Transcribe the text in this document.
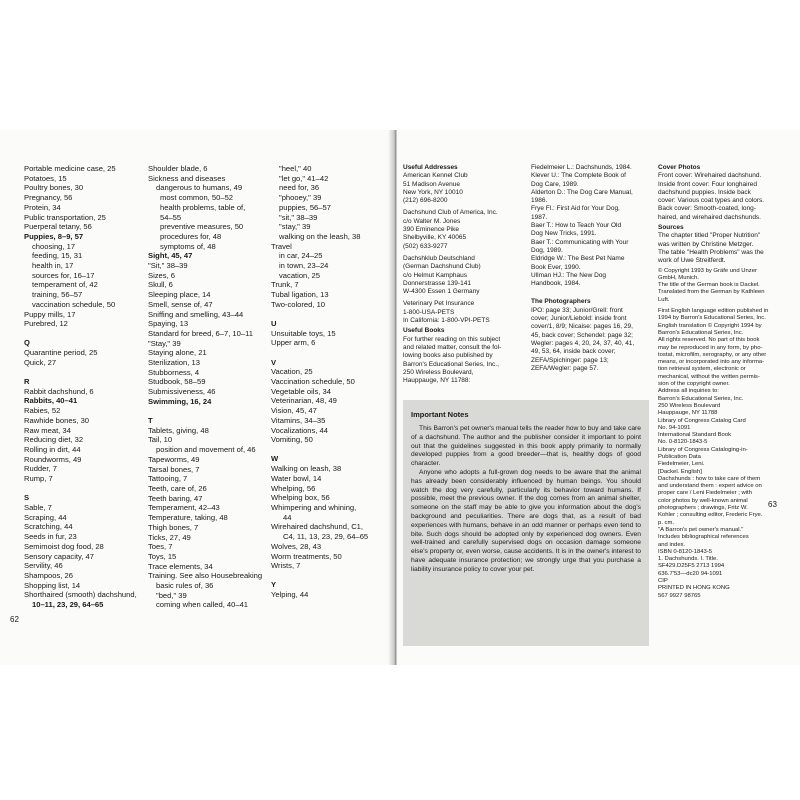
Portable medicine case, 25
Potatoes, 15
Poultry bones, 30
Pregnancy, 56
Protein, 34
Public transportation, 25
Puerperal tetany, 56
Puppies, 8–9, 57
choosing, 17
feeding, 15, 31
health in, 17
sources for, 16–17
temperament of, 42
training, 56–57
vaccination schedule, 50
Puppy mills, 17
Purebred, 12
Q
Quarantine period, 25
Quick, 27
R
Rabbit dachshund, 6
Rabbits, 40–41
Rabies, 52
Rawhide bones, 30
Raw meat, 34
Reducing diet, 32
Rolling in dirt, 44
Roundworms, 49
Rudder, 7
Rump, 7
S
Sable, 7
Scraping, 44
Scratching, 44
Seeds in fur, 23
Semimoist dog food, 28
Sensory capacity, 47
Servility, 46
Shampoos, 26
Shopping list, 14
Shorthaired (smooth) dachshund,
10–11, 23, 29, 64–65
Shoulder blade, 6
Sickness and diseases
dangerous to humans, 49
most common, 50–52
health problems, table of,
54–55
preventive measures, 50
procedures for, 48
symptoms of, 48
Sight, 45, 47
"Sit," 38–39
Sizes, 6
Skull, 6
Sleeping place, 14
Smell, sense of, 47
Sniffing and smelling, 43–44
Spaying, 13
Standard for breed, 6–7, 10–11
"Stay," 39
Staying alone, 21
Sterilization, 13
Stubborness, 4
Studbook, 58–59
Submissiveness, 46
Swimming, 16, 24
T
Tablets, giving, 48
Tail, 10
position and movement of, 46
Tapeworms, 49
Tarsal bones, 7
Tattooing, 7
Teeth, care of, 26
Teeth baring, 47
Temperament, 42–43
Temperature, taking, 48
Thigh bones, 7
Ticks, 27, 49
Toes, 7
Toys, 15
Trace elements, 34
Training. See also Housebreaking
basic rules of, 36
"bed," 39
coming when called, 40–41
"heel," 40
"let go," 41–42
need for, 36
"phooey," 39
puppies, 56–57
"sit," 38–39
"stay," 39
walking on the leash, 38
Travel
in car, 24–25
in town, 23–24
vacation, 25
Trunk, 7
Tubal ligation, 13
Two-colored, 10
U
Unsuitable toys, 15
Upper arm, 6
V
Vacation, 25
Vaccination schedule, 50
Vegetable oils, 34
Veterinarian, 48, 49
Vision, 45, 47
Vitamins, 34–35
Vocalizations, 44
Vomiting, 50
W
Walking on leash, 38
Water bowl, 14
Whelping, 56
Whelping box, 56
Whimpering and whining,
44
Wirehaired dachshund, C1,
C4, 11, 13, 23, 29, 64–65
Wolves, 28, 43
Worm treatments, 50
Wrists, 7
Y
Yelping, 44
62
63
Useful Addresses
American Kennel Club
51 Madison Avenue
New York, NY 10010
(212) 696-8200
Dachshund Club of America, Inc.
c/o Walter M. Jones
390 Eminence Pike
Shelbyville, KY 40065
(502) 633-9277
Dachshklub Deutschland
(German Dachshund Club)
c/o Helmut Kamphaus
Donnerstrasse 139-141
W-4300 Essen 1 Germany
Veterinary Pet Insurance
1-800-USA-PETS
In California: 1-800-VPI-PETS
Useful Books
For further reading on this subject
and related matter, consult the fol-
lowing books also published by
Barron's Educational Series, Inc.,
250 Wireless Boulevard,
Hauppauge, NY 11788:
Fiedelmeier L.: Dachshunds, 1984.
Klever U.: The Complete Book of
Dog Care, 1989.
Alderton D.: The Dog Care Manual,
1986.
Frye Fl.: First Aid for Your Dog,
1987.
Baer T.: How to Teach Your Old
Dog New Tricks, 1991.
Baer T.: Communicating with Your
Dog, 1989.
Eldridge W.: The Best Pet Name
Book Ever, 1990.
Ullman HJ.: The New Dog
Handbook, 1984.
The Photographers
IPO: page 33; Junior/Grell: front
cover; Junior/Liebold: inside front
cover/1, 8/9; Nicaise: pages 16, 29,
45, back cover; Schendel: page 32;
Wegler: pages 4, 20, 24, 37, 40, 41,
49, 53, 64, inside back cover;
ZEFA/Spichinger: page 13;
ZEFA/Wegler: page 57.
Cover Photos
Front cover: Wirehaired dachshund.
Inside front cover: Four longhaired
dachshund puppies. Inside back
cover: Various coat types and colors.
Back cover: Smooth-coated, long-
haired, and wirehaired dachshunds.
Sources
The chapter titled "Proper Nutrition"
was written by Christine Metzger.
The table "Health Problems" was the
work of Uwe Streitferdt.
© Copyright 1993 by Gräfe und Unzer
GmbH, Munich.
The title of the German book is Dackel.
Translated from the German by Kathleen
Luft.
First English language edition published in
1994 by Barron's Educational Series, Inc.
English translation © Copyright 1994 by
Barron's Educational Series, Inc.
All rights reserved. No part of this book
may be reproduced in any form, by pho-
tostat, microfilm, xerography, or any other
means, or incorporated into any informa-
tion retrieval system, electronic or
mechanical, without the written permis-
sion of the copyright owner.
Address all inquiries to:
Barron's Educational Series, Inc.
250 Wireless Boulevard
Hauppauge, NY 11788
Library of Congress Catalog Card
No. 94-1091
International Standard Book
No. 0-8120-1843-5
Library of Congress Cataloging-in-
Publication Data
Fiedelmeier, Leni.
[Dackel. English]
Dachshunds : how to take care of them
and understand them : expert advice on
proper care / Leni Fiedelmeier ; with
color photos by well-known animal
photographers ; drawings, Fritz W.
Kohler ; consulting editor, Frederic Frye.
p. cm.
"A Barron's pet owner's manual."
Includes bibliographical references
and index.
ISBN 0-8120-1843-5
1. Dachshunds. I. Title.
SF429.D25F5 2713 1994
636.7'53—dc20 94-1091
CIP
PRINTED IN HONG KONG
567 9927 98765
Important Notes

This Barron's pet owner's manual tells the reader how to buy and take care of a dachshund. The author and the publisher consider it important to point out that the guidelines suggested in this book apply primarily to normally developed puppies from a good breeder—that is, healthy dogs of good character.

Anyone who adopts a full-grown dog needs to be aware that the animal has already been considerably influenced by human beings. You should watch the dog very carefully, particularly its behavior toward humans. If possible, meet the previous owner. If the dog comes from an animal shelter, someone on the staff may be able to give you information about the dog's background and peculiarities. There are dogs that, as a result of bad experiences with humans, behave in an odd manner or perhaps even tend to bite. Such dogs should be adopted only by experienced dog owners. Even well-trained and carefully supervised dogs on occasion damage someone else's property or, even worse, cause accidents. It is in the owner's interest to have adequate insurance protection; we strongly urge that you purchase a liability insurance policy to cover your pet.
